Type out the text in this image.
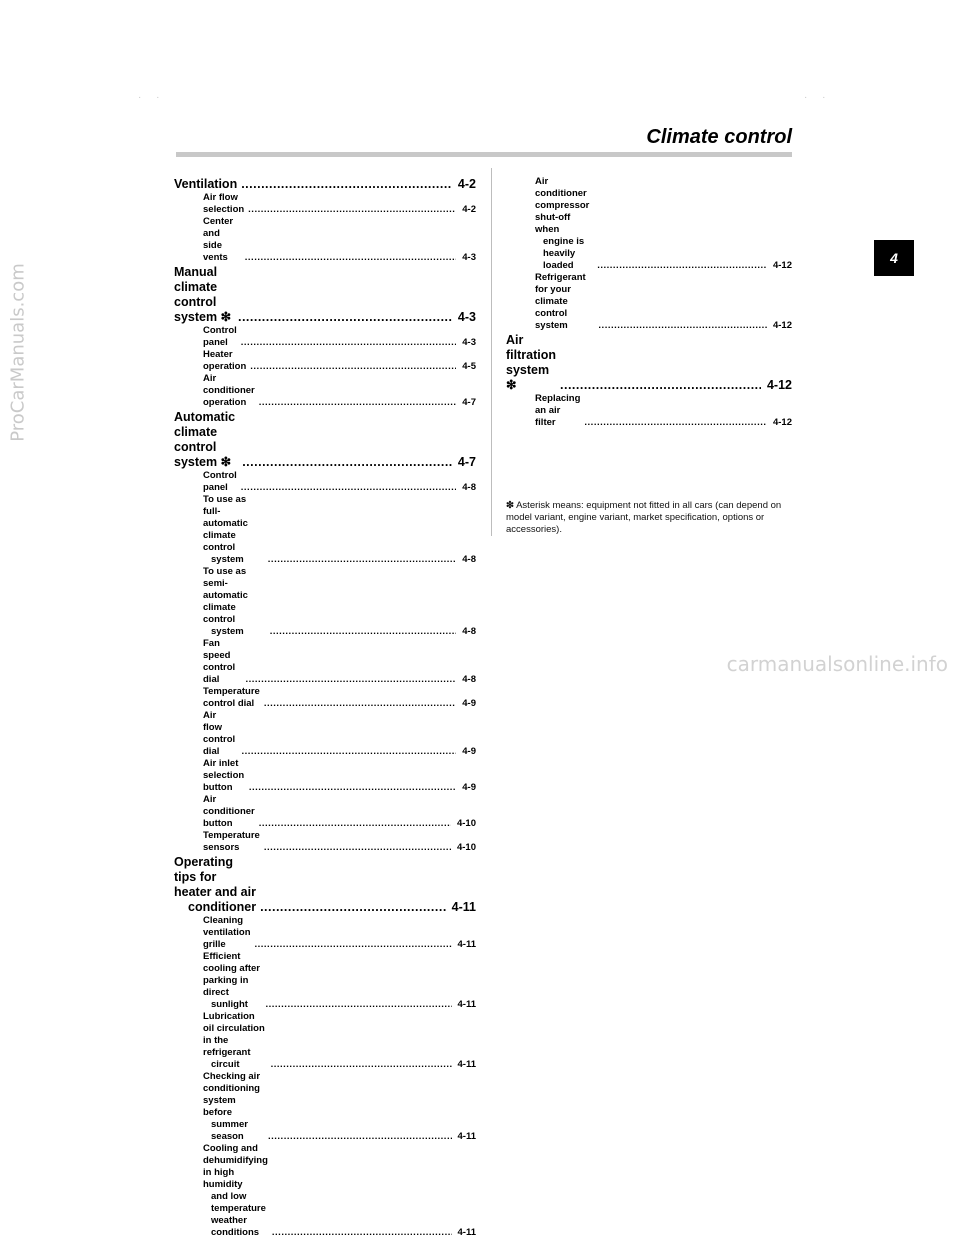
ProCarManuals.com
carmanualsonline.info
· ·	· ·
Climate control
4
Ventilation .....	4-2
Air flow selection .....	4-2
Center and side vents .....	4-3
Manual climate control system ❇ .....	4-3
Control panel .....	4-3
Heater operation .....	4-5
Air conditioner operation .....	4-7
Automatic climate control system ❇ .....	4-7
Control panel .....	4-8
To use as full-automatic climate control
system .....	4-8
To use as semi-automatic climate control
system .....	4-8
Fan speed control dial .....	4-8
Temperature control dial .....	4-9
Air flow control dial .....	4-9
Air inlet selection button .....	4-9
Air conditioner button .....	4-10
Temperature sensors .....	4-10
Operating tips for heater and air
conditioner .....	4-11
Cleaning ventilation grille .....	4-11
Efficient cooling after parking in direct
sunlight .....	4-11
Lubrication oil circulation in the refrigerant
circuit .....	4-11
Checking air conditioning system before
summer season .....	4-11
Cooling and dehumidifying in high humidity
and low temperature weather conditions .....	4-11
Air conditioner compressor shut-off when
engine is heavily loaded .....	4-12
Refrigerant for your climate control system .....	4-12
Air filtration system ❇ .....	4-12
Replacing an air filter .....	4-12
❇ Asterisk means: equipment not fitted in all cars (can depend on model variant, engine variant, market specification, options or accessories).
